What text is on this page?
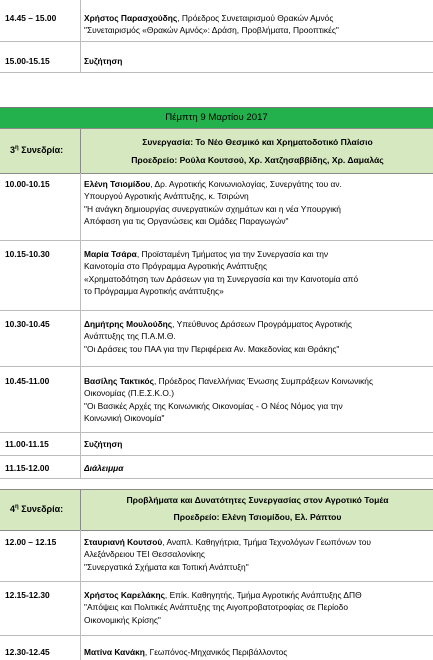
14.45 – 15.00	Χρήστος Παρασχούδης, Πρόεδρος Συνεταιρισμού Θρακών Αμνός
"Συνεταιρισμός «Θρακών Αμνός»: Δράση, Προβλήματα, Προοπτικές"
15.00-15.15	Συζήτηση
Πέμπτη 9 Μαρτίου 2017
$3^\eta$ Συνεδρία:
Συνεργασία: Το Νέο Θεσμικό και Χρηματοδοτικό Πλαίσιο
Προεδρείο: Ρούλα Κουτσού, Χρ. Χατζησαββίδης, Χρ. Δαμαλάς
10.00-10.15	Ελένη Τσιομίδου, Δρ. Αγροτικής Κοινωνιολογίας, Συνεργάτης του αν.
Υπουργού Αγροτικής Ανάπτυξης, κ. Τσιρώνη
"Η ανάγκη δημιουργίας συνεργατικών σχημάτων και η νέα Υπουργική
Απόφαση για τις Οργανώσεις και Ομάδες Παραγωγών"
10.15-10.30	Μαρία Τσάρα, Προϊσταμένη Τμήματος για την Συνεργασία και την
Καινοτομία στο Πρόγραμμα Αγροτικής Ανάπτυξης
«Χρηματοδότηση των Δράσεων για τη Συνεργασία και την Καινοτομία από
το Πρόγραμμα Αγροτικής ανάπτυξης»
10.30-10.45	Δημήτρης Μουλούδης, Υπεύθυνος Δράσεων Προγράμματος Αγροτικής
Ανάπτυξης της Π.Α.Μ.Θ.
"Οι Δράσεις του ΠΑΑ για την Περιφέρεια Αν. Μακεδονίας και Θράκης"
10.45-11.00	Βασίλης Τακτικός, Πρόεδρος Πανελλήνιας Ένωσης Συμπράξεων Κοινωνικής
Οικονομίας (Π.Ε.Σ.Κ.Ο.)
"Οι Βασικές Αρχές της Κοινωνικής Οικονομίας - Ο Νέος Νόμος για την
Κοινωνική Οικονομία"
11.00-11.15	Συζήτηση
11.15-12.00	Διάλειμμα
$4^\eta$ Συνεδρία:
Προβλήματα και Δυνατότητες Συνεργασίας στον Αγροτικό Τομέα
Προεδρείο: Ελένη Τσιομίδου, Ελ. Ράπτου
12.00 – 12.15	Σταυριανή Κουτσού, Αναπλ. Καθηγήτρια, Τμήμα Τεχνολόγων Γεωπόνων του
Αλεξάνδρειου ΤΕΙ Θεσσαλονίκης
"Συνεργατικά Σχήματα και Τοπική Ανάπτυξη"
12.15-12.30	Χρήστος Καρελάκης, Επίκ. Καθηγητής, Τμήμα Αγροτικής Ανάπτυξης ΔΠΘ
"Απόψεις και Πολιτικές Ανάπτυξης της Αιγοπροβατοτροφίας σε Περίοδο
Οικονομικής Κρίσης"
12.30-12.45	Ματίνα Κανάκη, Γεωπόνος-Μηχανικός Περιβάλλοντος
